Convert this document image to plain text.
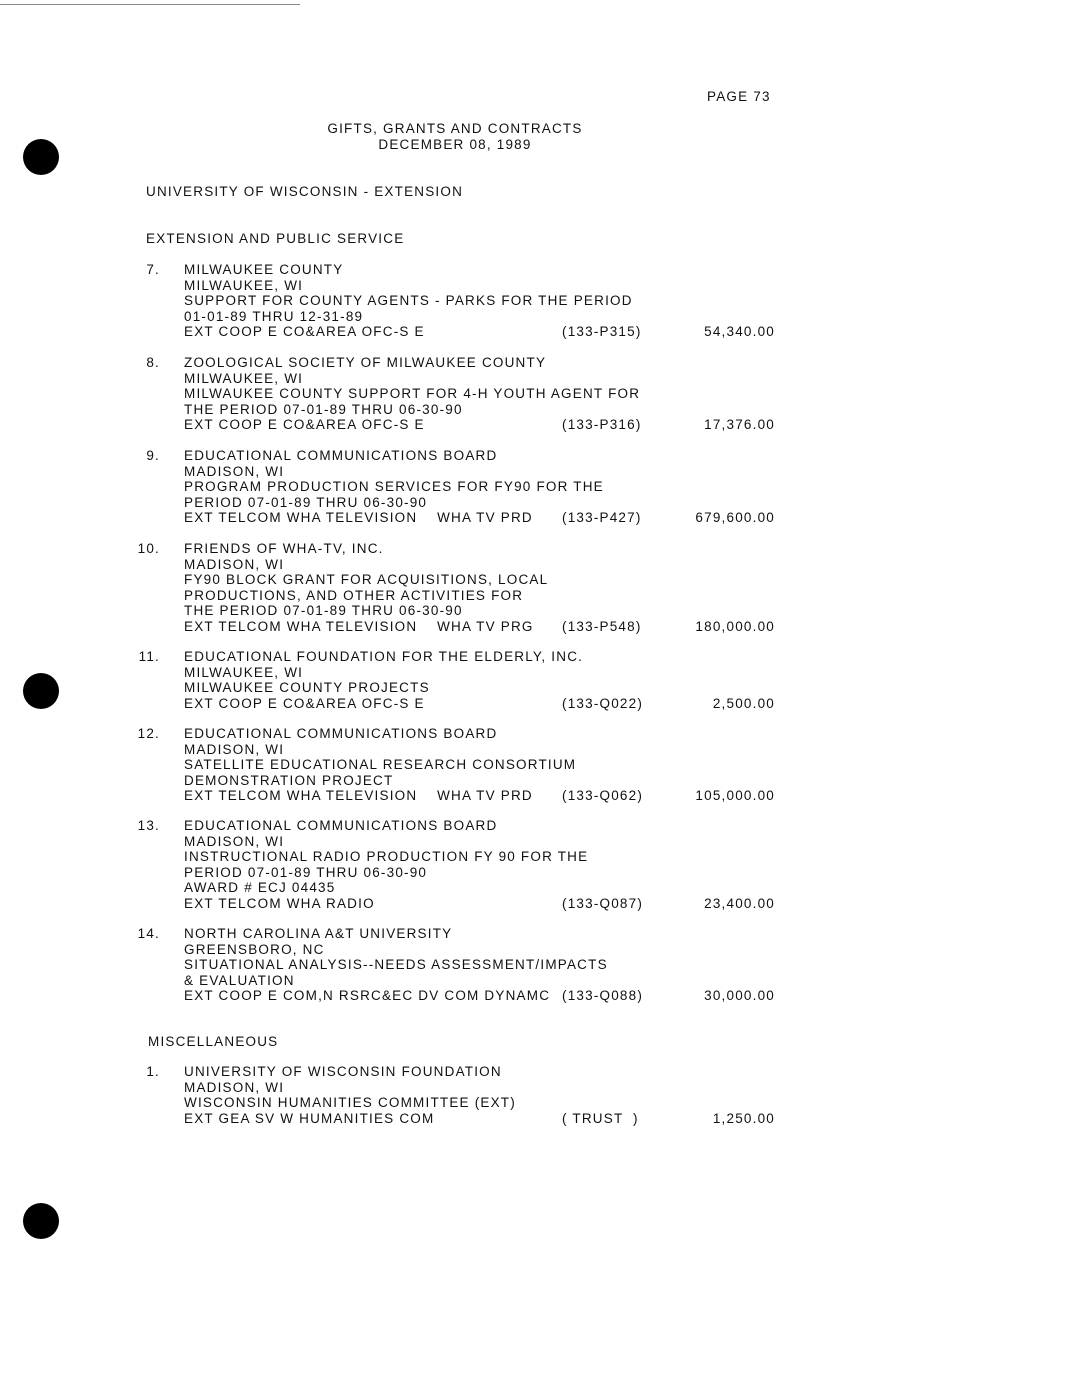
PAGE 73
GIFTS, GRANTS AND CONTRACTS
DECEMBER 08, 1989
UNIVERSITY OF WISCONSIN - EXTENSION
EXTENSION AND PUBLIC SERVICE
7. MILWAUKEE COUNTY
MILWAUKEE, WI
SUPPORT FOR COUNTY AGENTS - PARKS FOR THE PERIOD
01-01-89 THRU 12-31-89
EXT COOP E CO&AREA OFC-S E	(133-P315)	54,340.00
8. ZOOLOGICAL SOCIETY OF MILWAUKEE COUNTY
MILWAUKEE, WI
MILWAUKEE COUNTY SUPPORT FOR 4-H YOUTH AGENT FOR
THE PERIOD 07-01-89 THRU 06-30-90
EXT COOP E CO&AREA OFC-S E	(133-P316)	17,376.00
9. EDUCATIONAL COMMUNICATIONS BOARD
MADISON, WI
PROGRAM PRODUCTION SERVICES FOR FY90 FOR THE
PERIOD 07-01-89 THRU 06-30-90
EXT TELCOM WHA TELEVISION    WHA TV PRD	(133-P427)	679,600.00
10. FRIENDS OF WHA-TV, INC.
MADISON, WI
FY90 BLOCK GRANT FOR ACQUISITIONS, LOCAL
PRODUCTIONS, AND OTHER ACTIVITIES FOR
THE PERIOD 07-01-89 THRU 06-30-90
EXT TELCOM WHA TELEVISION    WHA TV PRG	(133-P548)	180,000.00
11. EDUCATIONAL FOUNDATION FOR THE ELDERLY, INC.
MILWAUKEE, WI
MILWAUKEE COUNTY PROJECTS
EXT COOP E CO&AREA OFC-S E	(133-Q022)	2,500.00
12. EDUCATIONAL COMMUNICATIONS BOARD
MADISON, WI
SATELLITE EDUCATIONAL RESEARCH CONSORTIUM
DEMONSTRATION PROJECT
EXT TELCOM WHA TELEVISION    WHA TV PRD	(133-Q062)	105,000.00
13. EDUCATIONAL COMMUNICATIONS BOARD
MADISON, WI
INSTRUCTIONAL RADIO PRODUCTION FY 90 FOR THE
PERIOD 07-01-89 THRU 06-30-90
AWARD # ECJ 04435
EXT TELCOM WHA RADIO	(133-Q087)	23,400.00
14. NORTH CAROLINA A&T UNIVERSITY
GREENSBORO, NC
SITUATIONAL ANALYSIS--NEEDS ASSESSMENT/IMPACTS
& EVALUATION
EXT COOP E COM,N RSRC&EC DV COM DYNAMC (133-Q088)	30,000.00
MISCELLANEOUS
1. UNIVERSITY OF WISCONSIN FOUNDATION
MADISON, WI
WISCONSIN HUMANITIES COMMITTEE (EXT)
EXT GEA SV W HUMANITIES COM	( TRUST  )	1,250.00
